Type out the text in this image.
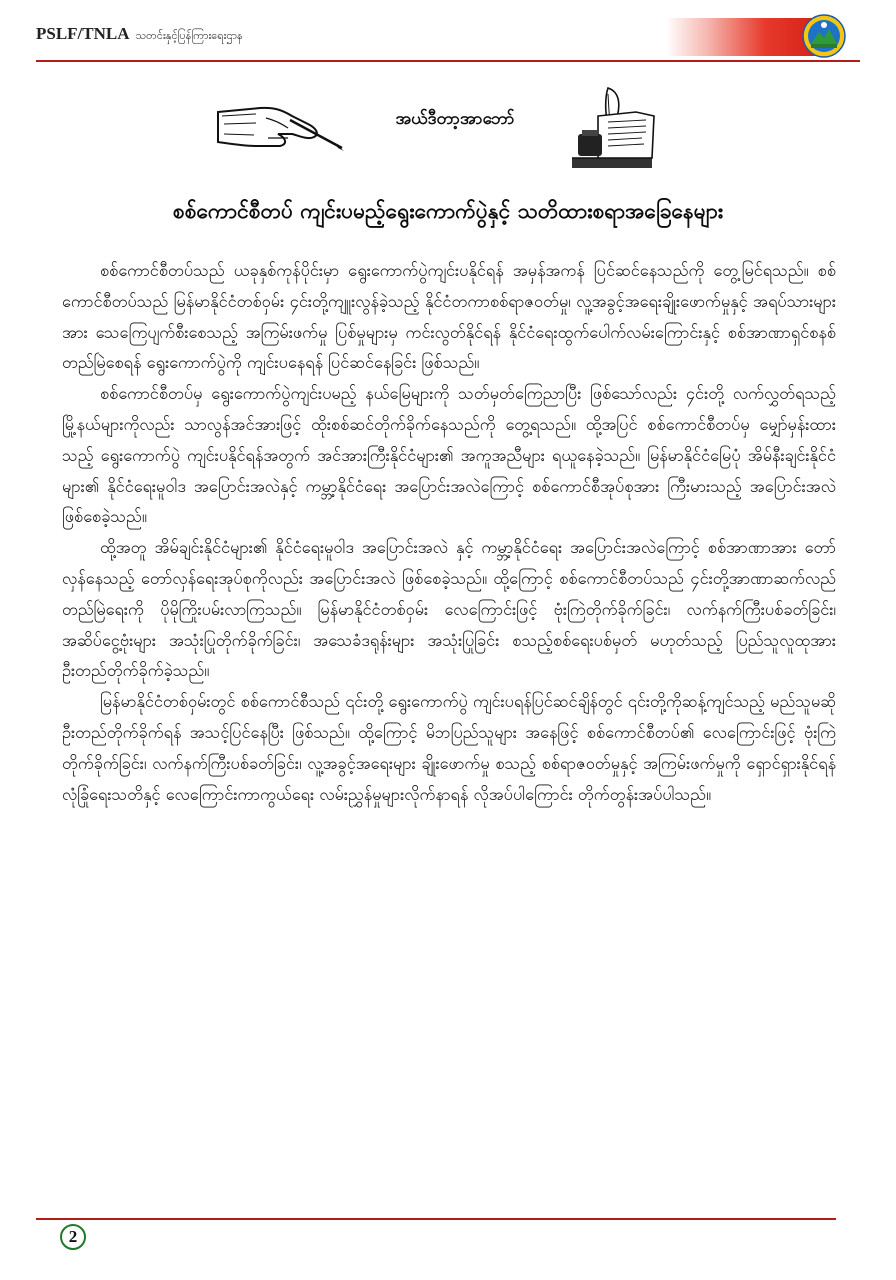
PSLF/TNLA သတင်းနှင့်ပြန်ကြားရေးဌာန
အယ်ဒီတာ့အာဘော်
စစ်ကောင်စီတပ် ကျင်းပမည့်ရွေးကောက်ပွဲနှင့် သတိထားစရာအခြေနေများ

စစ်ကောင်စီတပ်သည် ယခုနှစ်ကုန်ပိုင်းမှာ ရွေးကောက်ပွဲကျင်းပနိုင်ရန် အမှန်အကန် ပြင်ဆင်နေသည်ကို တွေ့မြင်ရသည်။ စစ်ကောင်စီတပ်သည် မြန်မာနိုင်ငံတစ်ဝှမ်း ၄င်းတို့ကျူးလွန်ခဲ့သည့် နိုင်ငံတကာစစ်ရာဇဝတ်မှု၊ လူ့အခွင့်အရေးချိုးဖောက်မှုနှင့် အရပ်သားများအား သေကြေပျက်စီးစေသည့် အကြမ်းဖက်မှု ပြစ်မှုများမှ ကင်းလွတ်နိုင်ရန် နိုင်ငံရေးထွက်ပေါက်လမ်းကြောင်းနှင့် စစ်အာဏာရှင်စနစ်တည်မြဲစေရန် ရွေးကောက်ပွဲကို ကျင်းပနေရန် ပြင်ဆင်နေခြင်း ဖြစ်သည်။

စစ်ကောင်စီတပ်မှ ရွေးကောက်ပွဲကျင်းပမည့် နယ်မြေများကို သတ်မှတ်ကြေညာပြီး ဖြစ်သော်လည်း ၄င်းတို့ လက်လွှတ်ရသည့် မြို့နယ်များကိုလည်း သာလွန်အင်အားဖြင့် ထိုးစစ်ဆင်တိုက်ခိုက်နေသည်ကို တွေ့ရသည်။ ထို့အပြင် စစ်ကောင်စီတပ်မှ မျှော်မှန်းထားသည့် ရွေးကောက်ပွဲ ကျင်းပနိုင်ရန်အတွက် အင်အားကြီးနိုင်ငံများ၏ အကူအညီများ ရယူနေခဲ့သည်။ မြန်မာနိုင်ငံမြေပုံ အိမ်နီးချင်းနိုင်ငံများ၏ နိုင်ငံရေးမူဝါဒ အပြောင်းအလဲနှင့် ကမ္ဘာ့နိုင်ငံရေး အပြောင်းအလဲကြောင့် စစ်ကောင်စီအုပ်စုအား ကြီးမားသည့် အပြောင်းအလဲဖြစ်စေခဲ့သည်။

ထို့အတူ အိမ်ချင်းနိုင်ငံများ၏ နိုင်ငံရေးမူဝါဒ အပြောင်းအလဲ နှင့် ကမ္ဘာ့နိုင်ငံရေး အပြောင်းအလဲကြောင့် စစ်အာဏာအား တော်လှန်နေသည့် တော်လှန်ရေးအုပ်စုကိုလည်း အပြောင်းအလဲ ဖြစ်စေခဲ့သည်။ ထို့ကြောင့် စစ်ကောင်စီတပ်သည် ၄င်းတို့အာဏာဆက်လည်တည်မြဲရေးကို ပိုမိုကြိုးပမ်းလာကြသည်။ မြန်မာနိုင်ငံတစ်ဝှမ်း လေကြောင်းဖြင့် ဗုံးကြဲတိုက်ခိုက်ခြင်း၊ လက်နက်ကြီးပစ်ခတ်ခြင်း၊ အဆိပ်ငွေ့ဗုံးများ အသုံးပြုတိုက်ခိုက်ခြင်း၊ အသေခံဒရုန်းများ အသုံးပြုခြင်း စသည့်စစ်ရေးပစ်မှတ် မဟုတ်သည့် ပြည်သူလူထုအား ဦးတည်တိုက်ခိုက်ခဲ့သည်။

မြန်မာနိုင်ငံတစ်ဝှမ်းတွင် စစ်ကောင်စီသည် ၎င်းတို့ ရွေးကောက်ပွဲ ကျင်းပရန်ပြင်ဆင်ချိန်တွင် ၎င်းတို့ကိုဆန့်ကျင်သည့် မည်သူမဆို ဦးတည်တိုက်ခိုက်ရန် အသင့်ပြင်နေပြီး ဖြစ်သည်။ ထို့ကြောင့် မိဘပြည်သူများ အနေဖြင့် စစ်ကောင်စီတပ်၏ လေကြောင်းဖြင့် ဗုံးကြဲတိုက်ခိုက်ခြင်း၊ လက်နက်ကြီးပစ်ခတ်ခြင်း၊ လူ့အခွင့်အရေးများ ချိုးဖောက်မှု စသည့် စစ်ရာဇဝတ်မှုနှင့် အကြမ်းဖက်မှုကို ရှောင်ရှားနိုင်ရန် လုံခြုံရေးသတိနှင့် လေကြောင်းကာကွယ်ရေး လမ်းညွှန်မှုများလိုက်နာရန် လိုအပ်ပါကြောင်း တိုက်တွန်းအပ်ပါသည်။

2
